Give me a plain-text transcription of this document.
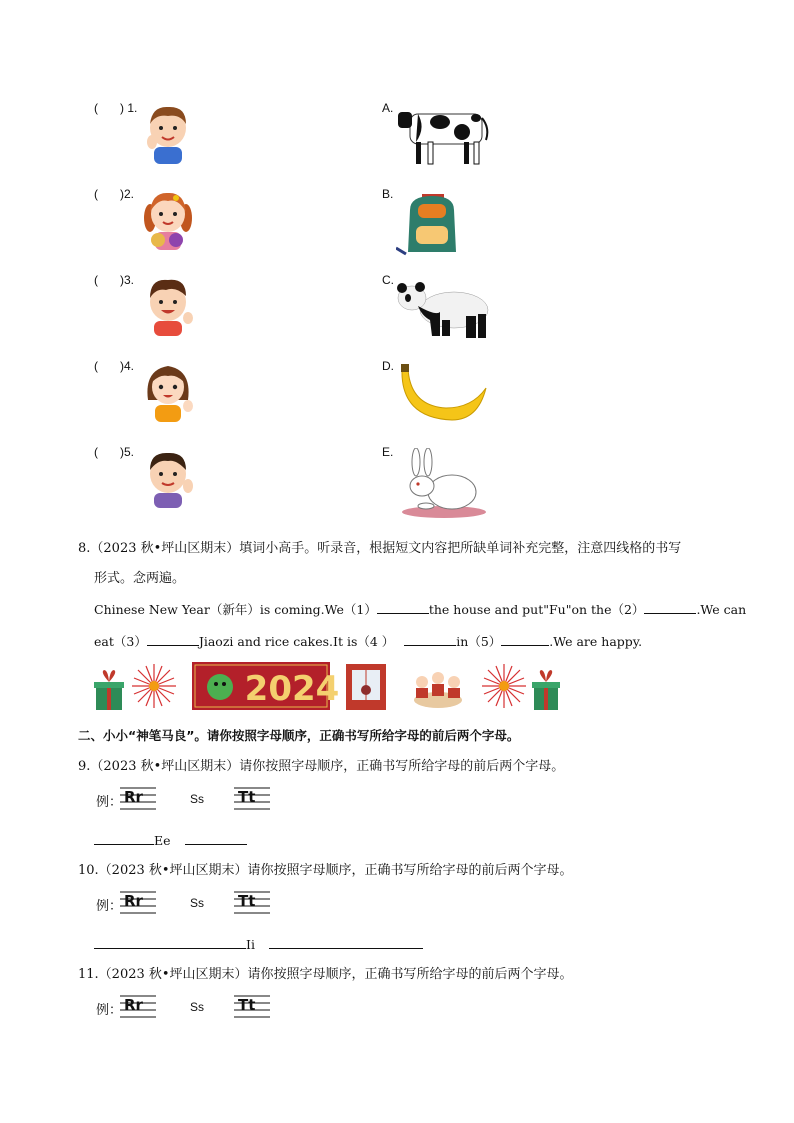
( ) 1.
( )2.
( )3.
( )4.
( )5.
A.
B.
C.
D.
E.
8.（2023 秋•坪山区期末）填词小高手。听录音，根据短文内容把所缺单词补充完整，注意四线格的书写
形式。念两遍。
Chinese New Year（新年）is coming.We（1）	the house and put"Fu"on the（2）	.We can
eat（3）	Jiaozi and rice cakes.It is（4 ）	in（5）	.We are happy.
2024
二、小小“神笔马良”。请你按照字母顺序，正确书写所给字母的前后两个字母。
9.（2023 秋•坪山区期末）请你按照字母顺序，正确书写所给字母的前后两个字母。
例： Rr	Ss Tt
Ee
10.（2023 秋•坪山区期末）请你按照字母顺序，正确书写所给字母的前后两个字母。
例： Rr	Ss Tt
Ii
11.（2023 秋•坪山区期末）请你按照字母顺序，正确书写所给字母的前后两个字母。
例： Rr	Ss Tt
